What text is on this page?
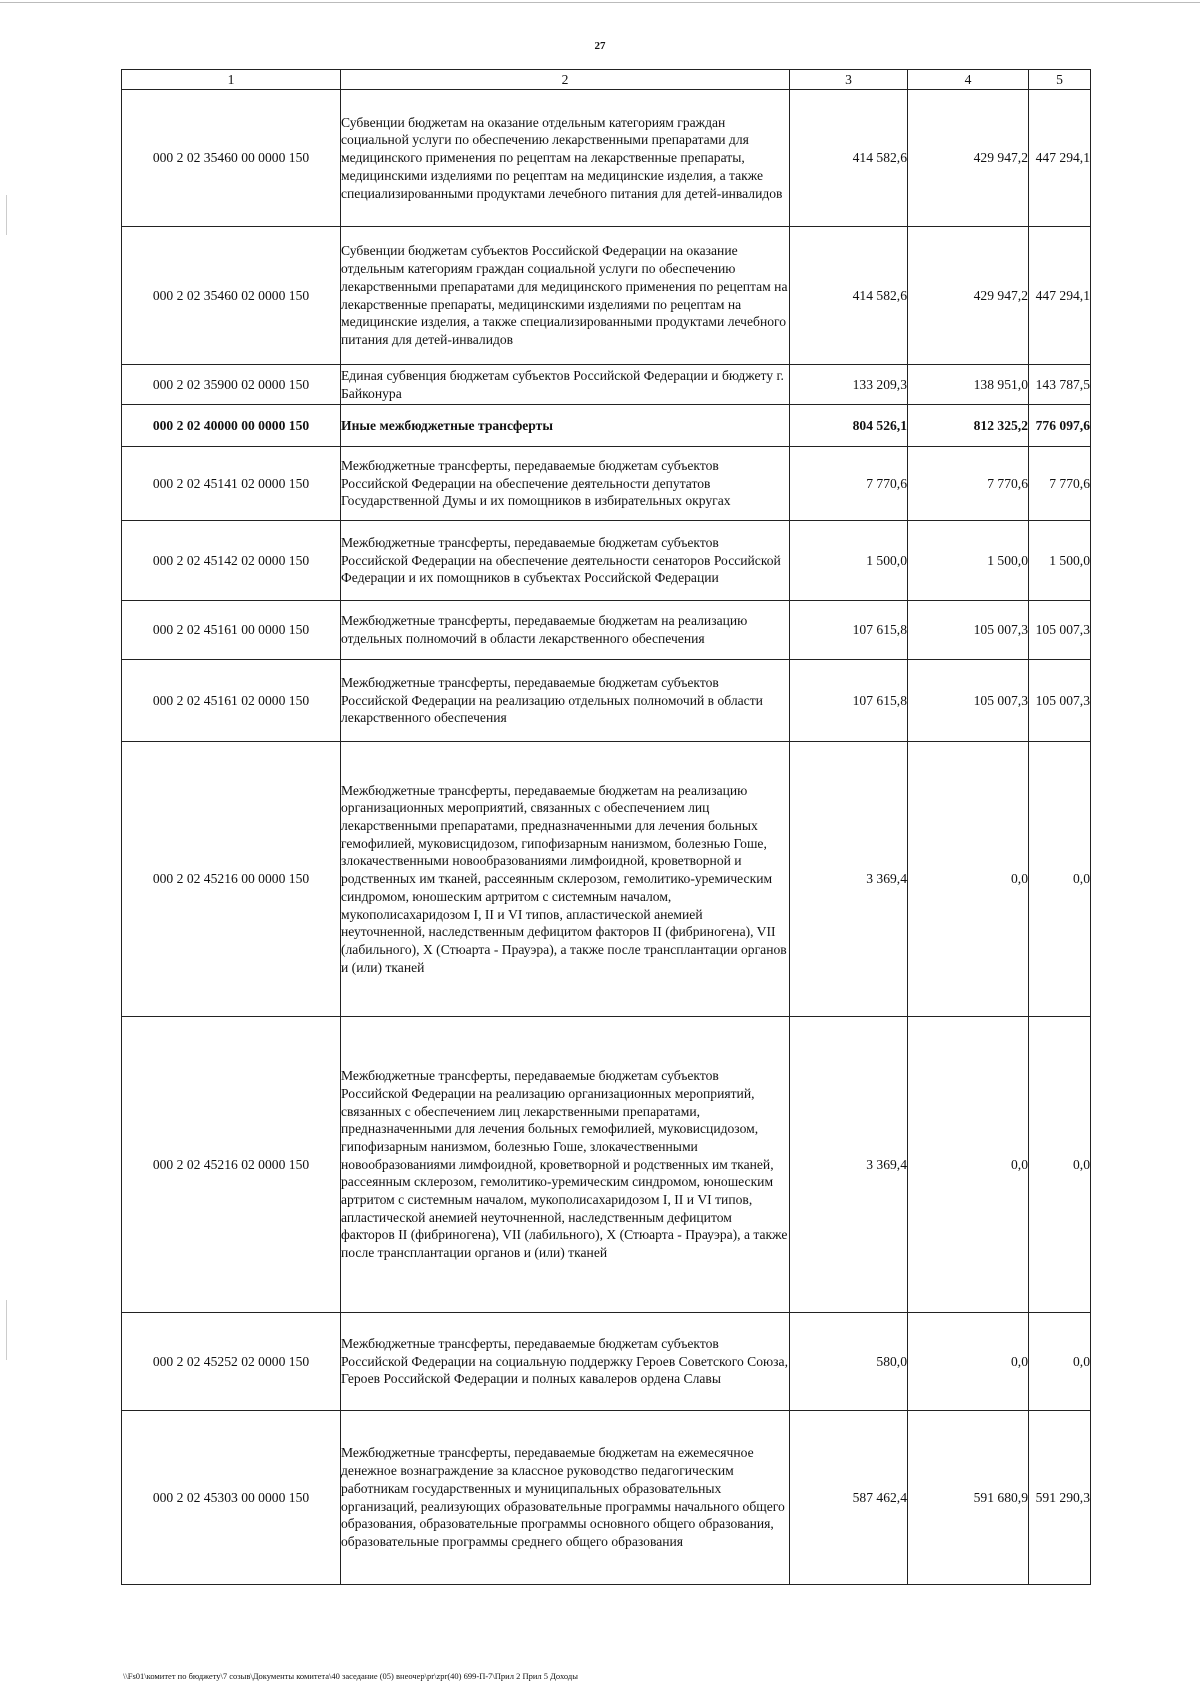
27
1	2	3	4	5
000 2 02 35460 00 0000 150	Субвенции бюджетам на оказание отдельным категориям граждан социальной услуги по обеспечению лекарственными препаратами для медицинского применения по рецептам на лекарственные препараты, медицинскими изделиями по рецептам на медицинские изделия, а также специализированными продуктами лечебного питания для детей-инвалидов	414 582,6	429 947,2	447 294,1
000 2 02 35460 02 0000 150	Субвенции бюджетам субъектов Российской Федерации на оказание отдельным категориям граждан социальной услуги по обеспечению лекарственными препаратами для медицинского применения по рецептам на лекарственные препараты, медицинскими изделиями по рецептам на медицинские изделия, а также специализированными продуктами лечебного питания для детей-инвалидов	414 582,6	429 947,2	447 294,1
000 2 02 35900 02 0000 150	Единая субвенция бюджетам субъектов Российской Федерации и бюджету г. Байконура	133 209,3	138 951,0	143 787,5
000 2 02 40000 00 0000 150	Иные межбюджетные трансферты	804 526,1	812 325,2	776 097,6
000 2 02 45141 02 0000 150	Межбюджетные трансферты, передаваемые бюджетам субъектов Российской Федерации на обеспечение деятельности депутатов Государственной Думы и их помощников в избирательных округах	7 770,6	7 770,6	7 770,6
000 2 02 45142 02 0000 150	Межбюджетные трансферты, передаваемые бюджетам субъектов Российской Федерации на обеспечение деятельности сенаторов Российской Федерации и их помощников в субъектах Российской Федерации	1 500,0	1 500,0	1 500,0
000 2 02 45161 00 0000 150	Межбюджетные трансферты, передаваемые бюджетам на реализацию отдельных полномочий в области лекарственного обеспечения	107 615,8	105 007,3	105 007,3
000 2 02 45161 02 0000 150	Межбюджетные трансферты, передаваемые бюджетам субъектов Российской Федерации на реализацию отдельных полномочий в области лекарственного обеспечения	107 615,8	105 007,3	105 007,3
000 2 02 45216 00 0000 150	Межбюджетные трансферты, передаваемые бюджетам на реализацию организационных мероприятий, связанных с обеспечением лиц лекарственными препаратами, предназначенными для лечения больных гемофилией, муковисцидозом, гипофизарным нанизмом, болезнью Гоше, злокачественными новообразованиями лимфоидной, кроветворной и родственных им тканей, рассеянным склерозом, гемолитико-уремическим синдромом, юношеским артритом с системным началом, мукополисахаридозом I, II и VI типов, апластической анемией неуточненной, наследственным дефицитом факторов II (фибриногена), VII (лабильного), X (Стюарта - Прауэра), а также после трансплантации органов и (или) тканей	3 369,4	0,0	0,0
000 2 02 45216 02 0000 150	Межбюджетные трансферты, передаваемые бюджетам субъектов Российской Федерации на реализацию организационных мероприятий, связанных с обеспечением лиц лекарственными препаратами, предназначенными для лечения больных гемофилией, муковисцидозом, гипофизарным нанизмом, болезнью Гоше, злокачественными новообразованиями лимфоидной, кроветворной и родственных им тканей, рассеянным склерозом, гемолитико-уремическим синдромом, юношеским артритом с системным началом, мукополисахаридозом I, II и VI типов, апластической анемией неуточненной, наследственным дефицитом факторов II (фибриногена), VII (лабильного), X (Стюарта - Прауэра), а также после трансплантации органов и (или) тканей	3 369,4	0,0	0,0
000 2 02 45252 02 0000 150	Межбюджетные трансферты, передаваемые бюджетам субъектов Российской Федерации на социальную поддержку Героев Советского Союза, Героев Российской Федерации и полных кавалеров ордена Славы	580,0	0,0	0,0
000 2 02 45303 00 0000 150	Межбюджетные трансферты, передаваемые бюджетам на ежемесячное денежное вознаграждение за классное руководство педагогическим работникам государственных и муниципальных образовательных организаций, реализующих образовательные программы начального общего образования, образовательные программы основного общего образования, образовательные программы среднего общего образования	587 462,4	591 680,9	591 290,3
\\Fs01\комитет по бюджету\7 созыв\Документы комитета\40 заседание (05) внеочер\pr\zpr(40) 699-П-7\Прил 2 Прил 5 Доходы
